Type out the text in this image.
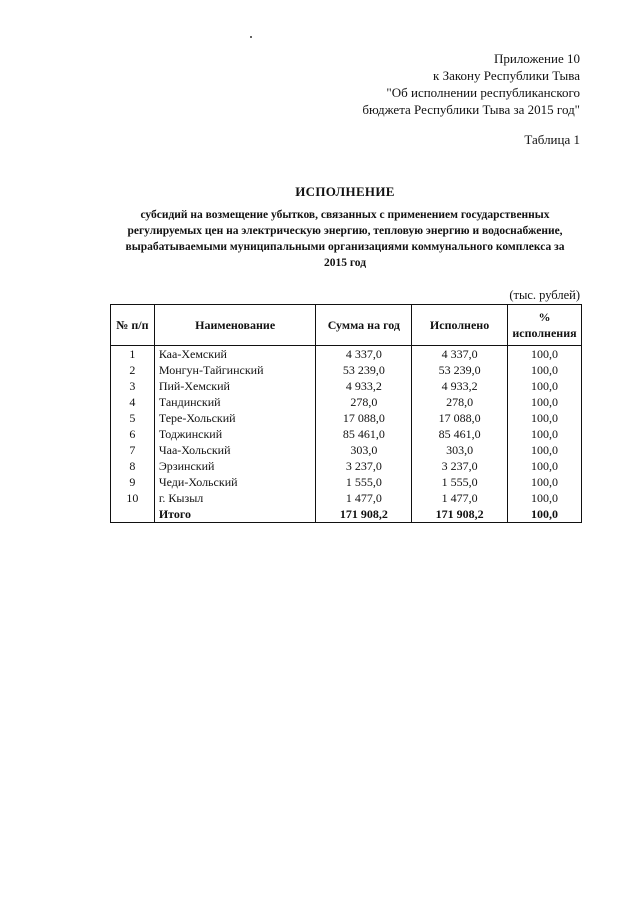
Приложение 10
к Закону Республики Тыва
"Об исполнении республиканского
бюджета Республики Тыва за 2015 год"
Таблица 1
ИСПОЛНЕНИЕ
субсидий на возмещение убытков, связанных с применением государственных
регулируемых цен на электрическую энергию, тепловую энергию и водоснабжение,
вырабатываемыми муниципальными организациями коммунального комплекса за
2015 год
(тыс. рублей)
№ п/п	Наименование	Сумма на год	Исполнено	%
исполнения

1	Каа-Хемский	4 337,0	4 337,0	100,0
2	Монгун-Тайгинский	53 239,0	53 239,0	100,0
3	Пий-Хемский	4 933,2	4 933,2	100,0
4	Тандинский	278,0	278,0	100,0
5	Тере-Хольский	17 088,0	17 088,0	100,0
6	Тоджинский	85 461,0	85 461,0	100,0
7	Чаа-Хольский	303,0	303,0	100,0
8	Эрзинский	3 237,0	3 237,0	100,0
9	Чеди-Хольский	1 555,0	1 555,0	100,0
10	г. Кызыл	1 477,0	1 477,0	100,0
	Итого	171 908,2	171 908,2	100,0
